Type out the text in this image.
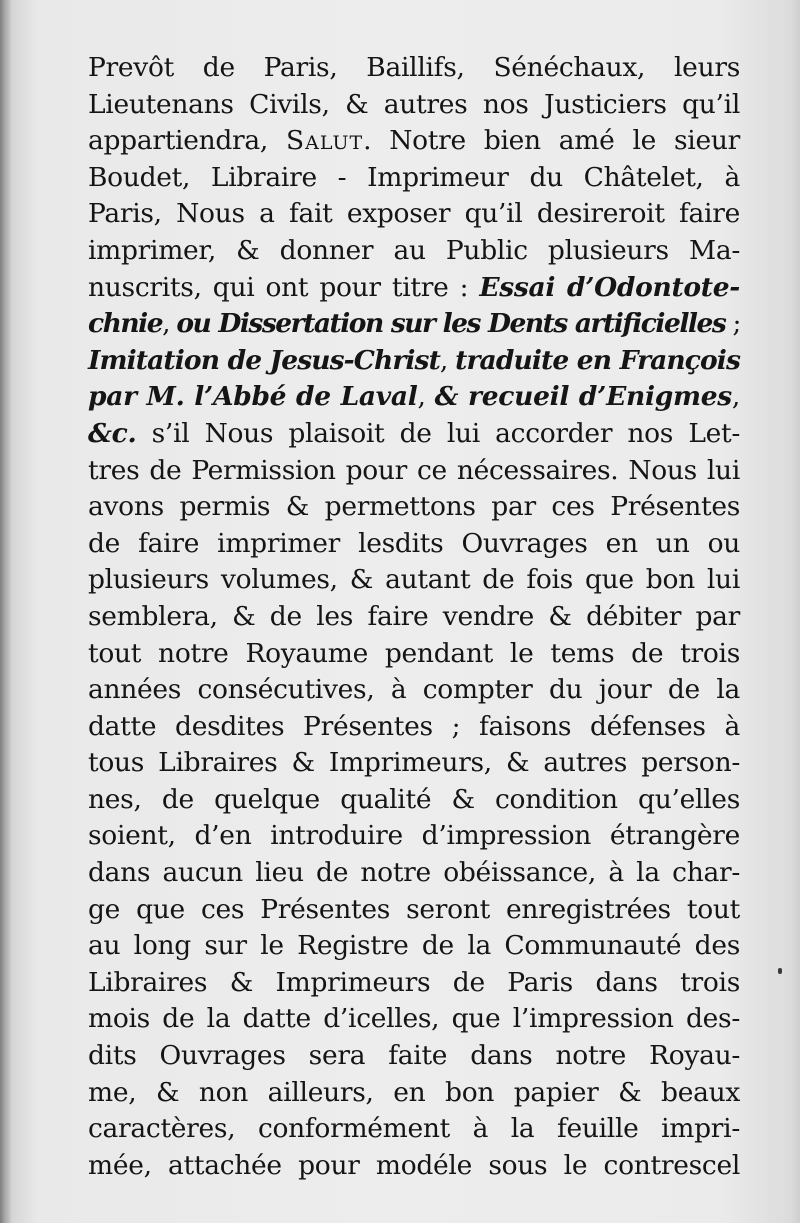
Prevôt de Paris, Baillifs, Sénéchaux, leurs
Lieutenans Civils, & autres nos Justiciers qu’il
appartiendra, Salut. Notre bien amé le sieur
Boudet, Libraire - Imprimeur du Châtelet, à
Paris, Nous a fait exposer qu’il desireroit faire
imprimer, & donner au Public plusieurs Ma-
nuscrits, qui ont pour titre : Essai d’Odontote-
chnie, ou Dissertation sur les Dents artificielles ;
Imitation de Jesus-Christ, traduite en François
par M. l’Abbé de Laval, & recueil d’Enigmes,
&c. s’il Nous plaisoit de lui accorder nos Let-
tres de Permission pour ce nécessaires. Nous lui
avons permis & permettons par ces Présentes
de faire imprimer lesdits Ouvrages en un ou
plusieurs volumes, & autant de fois que bon lui
semblera, & de les faire vendre & débiter par
tout notre Royaume pendant le tems de trois
années consécutives, à compter du jour de la
datte desdites Présentes ; faisons défenses à
tous Libraires & Imprimeurs, & autres person-
nes, de quelque qualité & condition qu’elles
soient, d’en introduire d’impression étrangère
dans aucun lieu de notre obéissance, à la char-
ge que ces Présentes seront enregistrées tout
au long sur le Registre de la Communauté des
Libraires & Imprimeurs de Paris dans trois
mois de la datte d’icelles, que l’impression des-
dits Ouvrages sera faite dans notre Royau-
me, & non ailleurs, en bon papier & beaux
caractères, conformément à la feuille impri-
mée, attachée pour modéle sous le contrescel
